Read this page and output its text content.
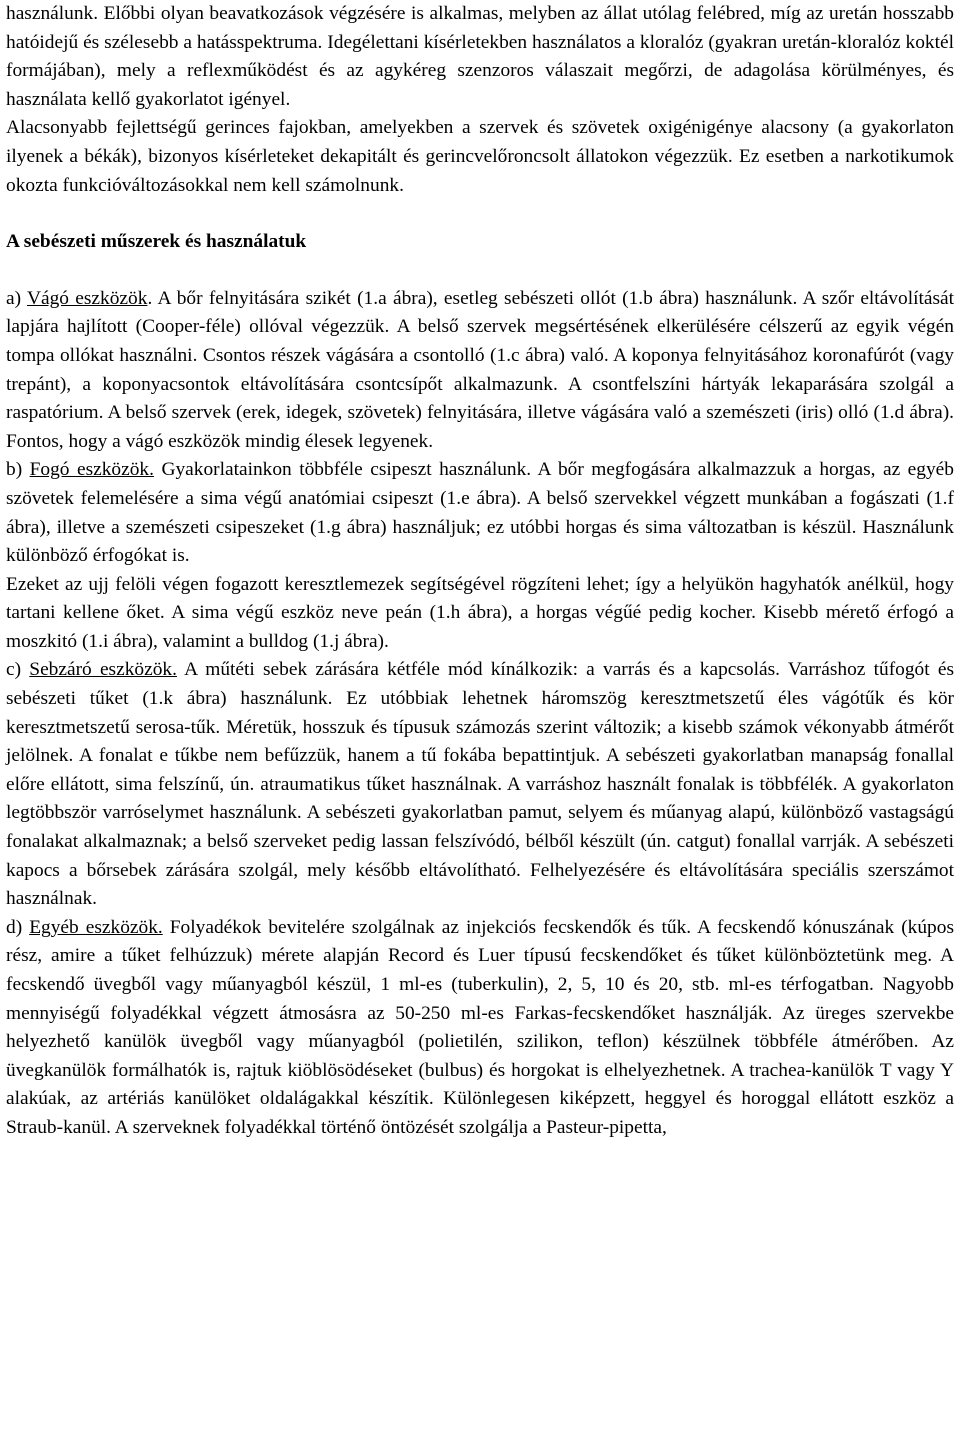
használunk. Előbbi olyan beavatkozások végzésére is alkalmas, melyben az állat utólag felébred, míg az uretán hosszabb hatóidejű és szélesebb a hatásspektruma. Idegélettani kísérletekben használatos a kloralóz (gyakran uretán-kloralóz koktél formájában), mely a reflexműködést és az agykéreg szenzoros válaszait megőrzi, de adagolása körülményes, és használata kellő gyakorlatot igényel.

Alacsonyabb fejlettségű gerinces fajokban, amelyekben a szervek és szövetek oxigénigénye alacsony (a gyakorlaton ilyenek a békák), bizonyos kísérleteket dekapitált és gerincvelőroncsolt állatokon végezzük. Ez esetben a narkotikumok okozta funkcióváltozásokkal nem kell számolnunk.

A sebészeti műszerek és használatuk

a) Vágó eszközök. A bőr felnyitására szikét (1.a ábra), esetleg sebészeti ollót (1.b ábra) használunk. A szőr eltávolítását lapjára hajlított (Cooper-féle) ollóval végezzük. A belső szervek megsértésének elkerülésére célszerű az egyik végén tompa ollókat használni. Csontos részek vágására a csontolló (1.c ábra) való. A koponya felnyitásához koronafúrót (vagy trepánt), a koponyacsontok eltávolítására csontcsípőt alkalmazunk. A csontfelszíni hártyák lekaparására szolgál a raspatórium. A belső szervek (erek, idegek, szövetek) felnyitására, illetve vágására való a szemészeti (iris) olló (1.d ábra). Fontos, hogy a vágó eszközök mindig élesek legyenek.

b) Fogó eszközök. Gyakorlatainkon többféle csipeszt használunk. A bőr megfogására alkalmazzuk a horgas, az egyéb szövetek felemelésére a sima végű anatómiai csipeszt (1.e ábra). A belső szervekkel végzett munkában a fogászati (1.f ábra), illetve a szemészeti csipeszeket (1.g ábra) használjuk; ez utóbbi horgas és sima változatban is készül. Használunk különböző érfogókat is.

Ezeket az ujj felöli végen fogazott keresztlemezek segítségével rögzíteni lehet; így a helyükön hagyhatók anélkül, hogy tartani kellene őket. A sima végű eszköz neve peán (1.h ábra), a horgas végűé pedig kocher. Kisebb mérető érfogó a moszkitó (1.i ábra), valamint a bulldog (1.j ábra).

c) Sebzáró eszközök. A műtéti sebek zárására kétféle mód kínálkozik: a varrás és a kapcsolás. Varráshoz tűfogót és sebészeti tűket (1.k ábra) használunk. Ez utóbbiak lehetnek háromszög keresztmetszetű éles vágótűk és kör keresztmetszetű serosa-tűk. Méretük, hosszuk és típusuk számozás szerint változik; a kisebb számok vékonyabb átmérőt jelölnek. A fonalat e tűkbe nem befűzzük, hanem a tű fokába bepattintjuk. A sebészeti gyakorlatban manapság fonallal előre ellátott, sima felszínű, ún. atraumatikus tűket használnak. A varráshoz használt fonalak is többfélék. A gyakorlaton legtöbbször varróselymet használunk. A sebészeti gyakorlatban pamut, selyem és műanyag alapú, különböző vastagságú fonalakat alkalmaznak; a belső szerveket pedig lassan felszívódó, bélből készült (ún. catgut) fonallal varrják. A sebészeti kapocs a bőrsebek zárására szolgál, mely később eltávolítható. Felhelyezésére és eltávolítására speciális szerszámot használnak.

d) Egyéb eszközök. Folyadékok bevitelére szolgálnak az injekciós fecskendők és tűk. A fecskendő kónuszának (kúpos rész, amire a tűket felhúzzuk) mérete alapján Record és Luer típusú fecskendőket és tűket különböztetünk meg. A fecskendő üvegből vagy műanyagból készül, 1 ml-es (tuberkulin), 2, 5, 10 és 20, stb. ml-es térfogatban. Nagyobb mennyiségű folyadékkal végzett átmosásra az 50-250 ml-es Farkas-fecskendőket használják. Az üreges szervekbe helyezhető kanülök üvegből vagy műanyagból (polietilén, szilikon, teflon) készülnek többféle átmérőben. Az üvegkanülök formálhatók is, rajtuk kiöblösödéseket (bulbus) és horgokat is elhelyezhetnek. A trachea-kanülök T vagy Y alakúak, az artériás kanülöket oldalágakkal készítik. Különlegesen kiképzett, heggyel és horoggal ellátott eszköz a Straub-kanül. A szerveknek folyadékkal történő öntözését szolgálja a Pasteur-pipetta,
